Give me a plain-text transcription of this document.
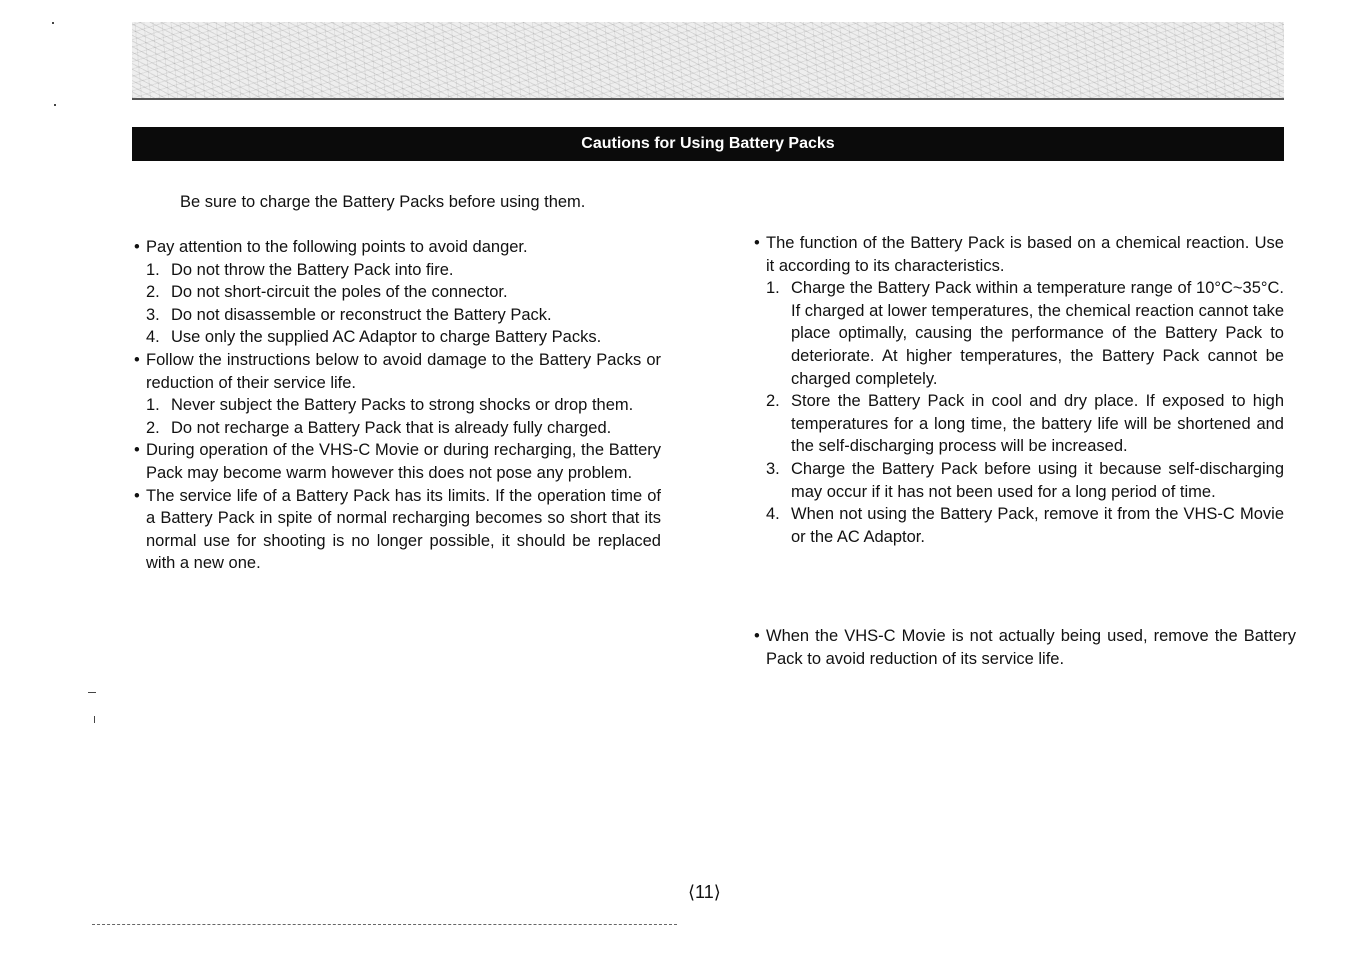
Cautions for Using Battery Packs
Be sure to charge the Battery Packs before using them.
• Pay attention to the following points to avoid danger.
1. Do not throw the Battery Pack into fire.
2. Do not short-circuit the poles of the connector.
3. Do not disassemble or reconstruct the Battery Pack.
4. Use only the supplied AC Adaptor to charge Battery Packs.
• Follow the instructions below to avoid damage to the Battery Packs or reduction of their service life.
1. Never subject the Battery Packs to strong shocks or drop them.
2. Do not recharge a Battery Pack that is already fully charged.
• During operation of the VHS-C Movie or during recharging, the Battery Pack may become warm however this does not pose any problem.
• The service life of a Battery Pack has its limits. If the operation time of a Battery Pack in spite of normal recharging becomes so short that its normal use for shooting is no longer possible, it should be replaced with a new one.
• The function of the Battery Pack is based on a chemical reaction. Use it according to its characteristics.
1. Charge the Battery Pack within a temperature range of 10°C~35°C. If charged at lower temperatures, the chemical reaction cannot take place optimally, causing the performance of the Battery Pack to deteriorate. At higher temperatures, the Battery Pack cannot be charged completely.
2. Store the Battery Pack in cool and dry place. If exposed to high temperatures for a long time, the battery life will be shortened and the self-discharging process will be increased.
3. Charge the Battery Pack before using it because self-discharging may occur if it has not been used for a long period of time.
4. When not using the Battery Pack, remove it from the VHS-C Movie or the AC Adaptor.
• When the VHS-C Movie is not actually being used, remove the Battery Pack to avoid reduction of its service life.
⟨11⟩
